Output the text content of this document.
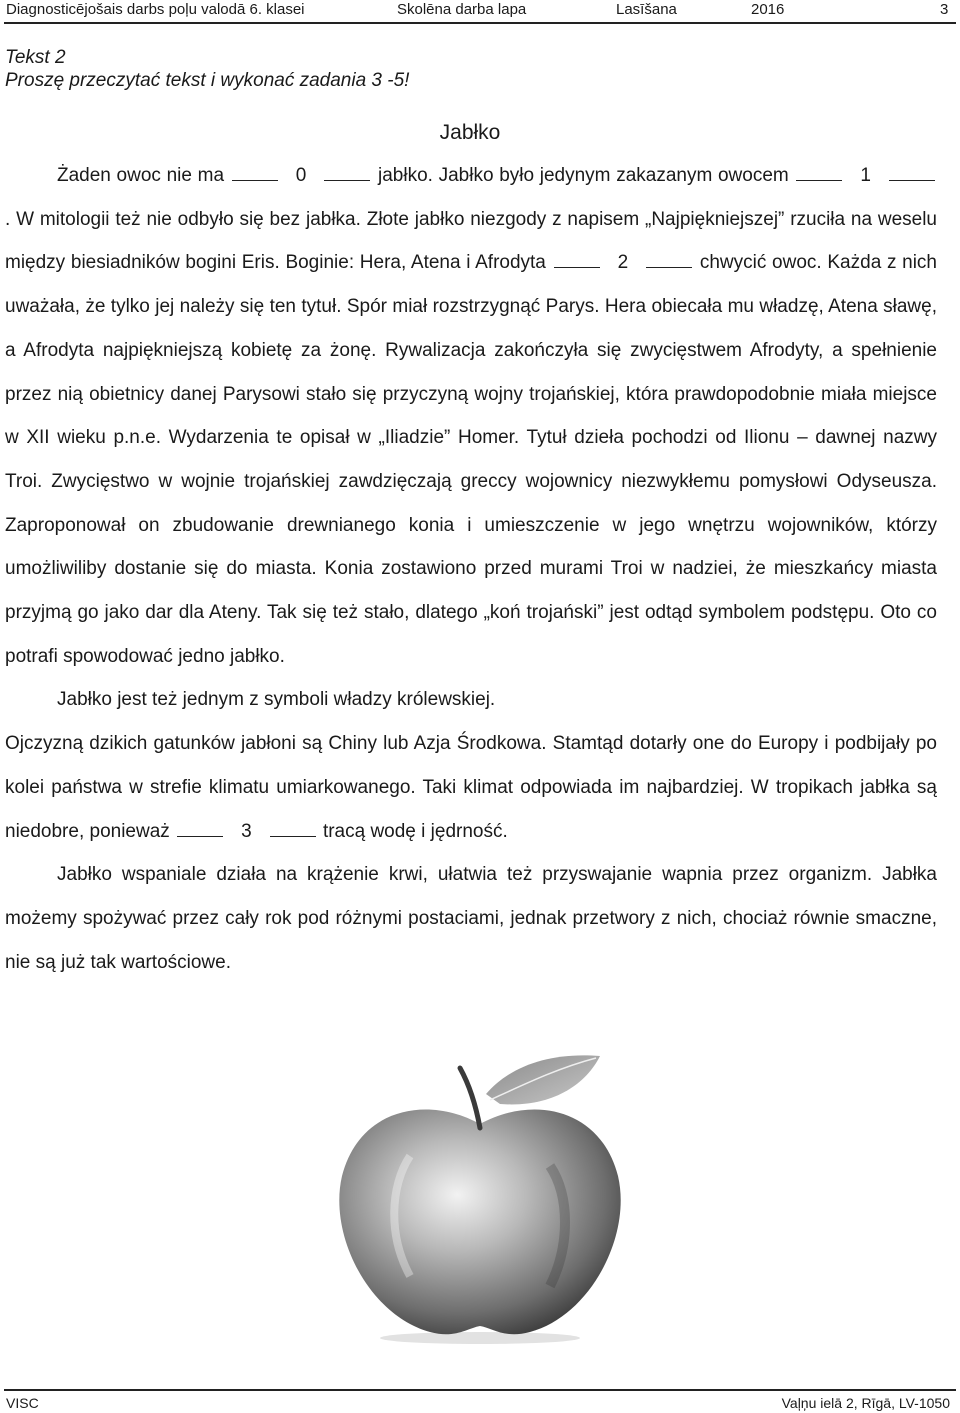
Diagnosticējošais darbs poļu valodā 6. klasei	Skolēna darba lapa	Lasīšana	2016	3
Tekst 2
Proszę przeczytać tekst i wykonać zadania 3 -5!
Jabłko

Żaden owoc nie ma	0	jabłko. Jabłko było jedynym zakazanym owocem	1. W mitologii też nie odbyło się bez jabłka. Złote jabłko niezgody z napisem „Najpiękniejszej” rzuciła na weselu między biesiadników bogini Eris. Boginie: Hera, Atena i Afrodyta	2	chwycić owoc. Każda z nich uważała, że tylko jej należy się ten tytuł. Spór miał rozstrzygnąć Parys. Hera obiecała mu władzę, Atena sławę, a Afrodyta najpiękniejszą kobietę za żonę. Rywalizacja zakończyła się zwycięstwem Afrodyty, a spełnienie przez nią obietnicy danej Parysowi stało się przyczyną wojny trojańskiej, która prawdopodobnie miała miejsce w XII wieku p.n.e. Wydarzenia te opisał w „Iliadzie” Homer. Tytuł dzieła pochodzi od Ilionu – dawnej nazwy Troi. Zwycięstwo w wojnie trojańskiej zawdzięczają greccy wojownicy niezwykłemu pomysłowi Odyseusza. Zaproponował on zbudowanie drewnianego konia i umieszczenie w jego wnętrzu wojowników, którzy umożliwiliby dostanie się do miasta. Konia zostawiono przed murami Troi w nadziei, że mieszkańcy miasta przyjmą go jako dar dla Ateny. Tak się też stało, dlatego „koń trojański” jest odtąd symbolem podstępu. Oto co potrafi spowodować jedno jabłko.

Jabłko jest też jednym z symboli władzy królewskiej.

Ojczyzną dzikich gatunków jabłoni są Chiny lub Azja Środkowa. Stamtąd dotarły one do Europy i podbijały po kolei państwa w strefie klimatu umiarkowanego. Taki klimat odpowiada im najbardziej. W tropikach jabłka są niedobre, ponieważ	3	tracą wodę i jędrność.

Jabłko wspaniale działa na krążenie krwi, ułatwia też przyswajanie wapnia przez organizm. Jabłka możemy spożywać przez cały rok pod różnymi postaciami, jednak przetwory z nich, chociaż równie smaczne, nie są już tak wartościowe.

VISC	Vaļņu ielā 2, Rīgā, LV-1050
